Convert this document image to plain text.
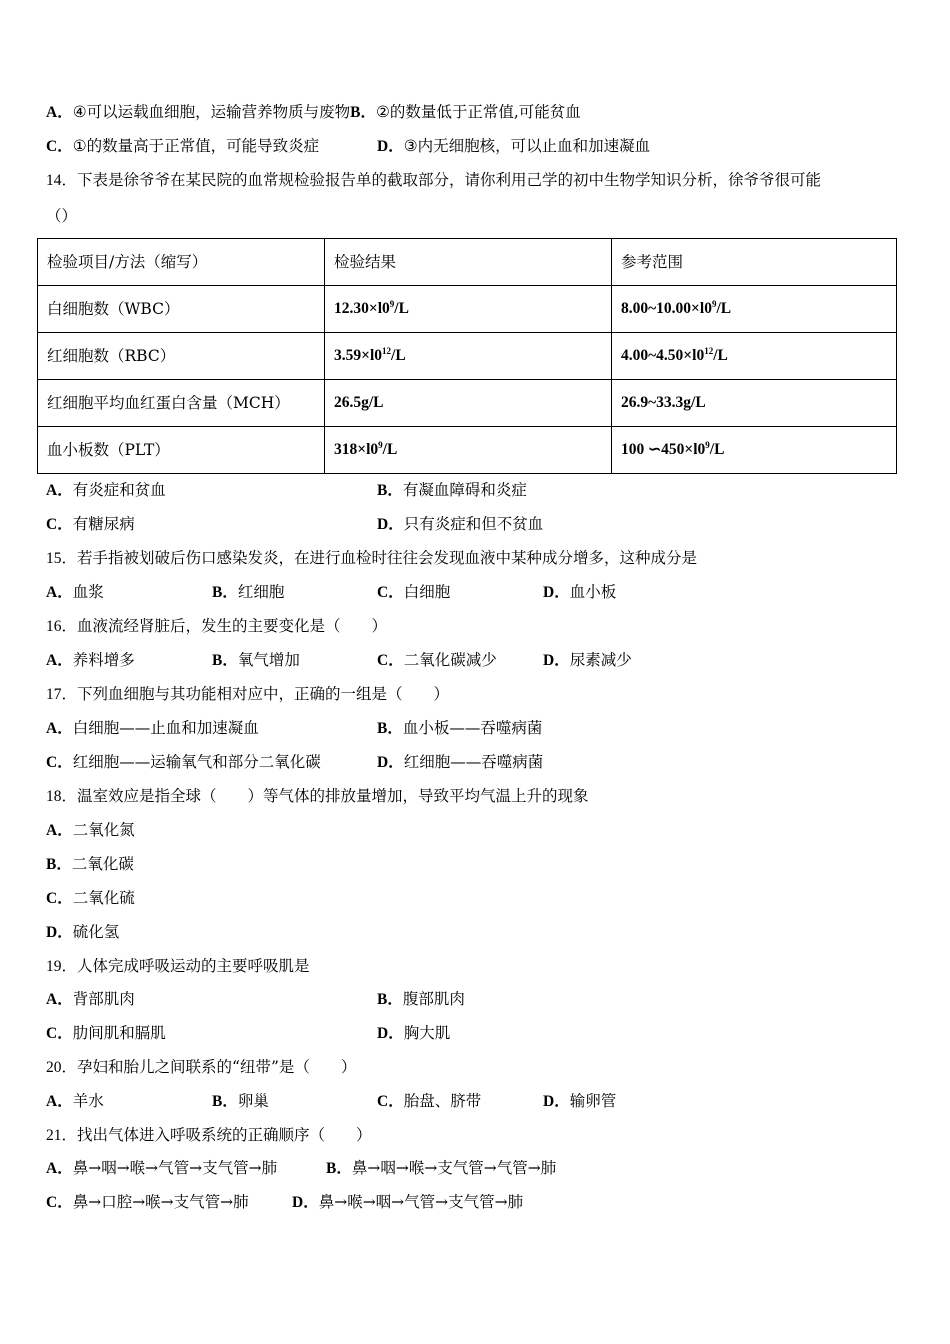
A．④可以运载血细胞，运输营养物质与废物B．②的数量低于正常值,可能贫血
C．①的数量高于正常值，可能导致炎症	D．③内无细胞核，可以止血和加速凝血
14．下表是徐爷爷在某民院的血常规检验报告单的截取部分，请你利用己学的初中生物学知识分析，徐爷爷很可能
（）
检验项目/方法（缩写）	检验结果	参考范围
白细胞数（WBC）	$12.30\times l0^9/L$	$8.00\sim 10.00\times l0^9/L$
红细胞数（RBC）	$3.59\times l0^{12}/L$	$4.00\sim 4.50\times l0^{12}/L$
红细胞平均血红蛋白含量（MCH）	26.5g/L	26.9~33.3g/L
血小板数（PLT）	$318\times l0^9/L$	100 $∽450\times l0^9/L$
A．有炎症和贫血	B．有凝血障碍和炎症
C．有糖尿病	D．只有炎症和但不贫血
15．若手指被划破后伤口感染发炎，在进行血检时往往会发现血液中某种成分增多，这种成分是
A．血浆	B．红细胞	C．白细胞	D．血小板
16．血液流经肾脏后，发生的主要变化是（　　）
A．养料增多	B．氧气增加	C．二氧化碳减少	D．尿素减少
17．下列血细胞与其功能相对应中，正确的一组是（　　）
A．白细胞——止血和加速凝血	B．血小板——吞噬病菌
C．红细胞——运输氧气和部分二氧化碳	D．红细胞——吞噬病菌
18．温室效应是指全球（　　）等气体的排放量增加，导致平均气温上升的现象
A．二氧化氮
B．二氧化碳
C．二氧化硫
D．硫化氢
19．人体完成呼吸运动的主要呼吸肌是
A．背部肌肉	B．腹部肌肉
C．肋间肌和膈肌	D．胸大肌
20．孕妇和胎儿之间联系的“纽带”是（　　）
A．羊水	B．卵巢	C．胎盘、脐带	D．输卵管
21．找出气体进入呼吸系统的正确顺序（　　）
A．鼻→咽→喉→气管→支气管→肺	B．鼻→咽→喉→支气管→气管→肺
C．鼻→口腔→喉→支气管→肺	D．鼻→喉→咽→气管→支气管→肺
